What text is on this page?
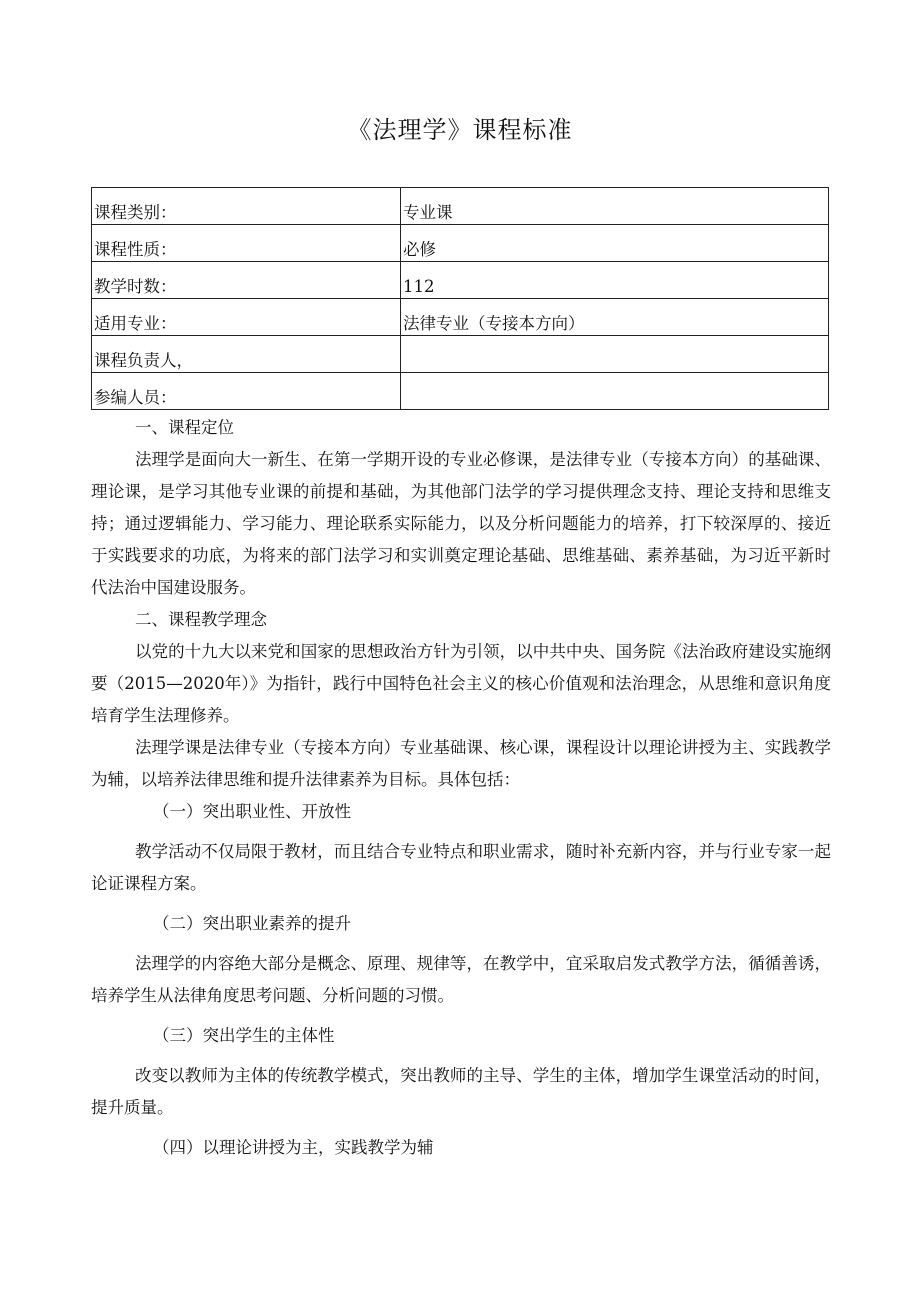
《法理学》课程标准
课程类别：	专业课
课程性质：	必修
教学时数：	112
适用专业：	法律专业（专接本方向）
课程负责人，	
参编人员：	

一、课程定位

法理学是面向大一新生、在第一学期开设的专业必修课，是法律专业（专接本方向）的基础课、理论课，是学习其他专业课的前提和基础，为其他部门法学的学习提供理念支持、理论支持和思维支持；通过逻辑能力、学习能力、理论联系实际能力，以及分析问题能力的培养，打下较深厚的、接近于实践要求的功底，为将来的部门法学习和实训奠定理论基础、思维基础、素养基础，为习近平新时代法治中国建设服务。

二、课程教学理念

以党的十九大以来党和国家的思想政治方针为引领，以中共中央、国务院《法治政府建设实施纲要（2015—2020年）》为指针，践行中国特色社会主义的核心价值观和法治理念，从思维和意识角度培育学生法理修养。

法理学课是法律专业（专接本方向）专业基础课、核心课，课程设计以理论讲授为主、实践教学为辅，以培养法律思维和提升法律素养为目标。具体包括：

（一）突出职业性、开放性

教学活动不仅局限于教材，而且结合专业特点和职业需求，随时补充新内容，并与行业专家一起论证课程方案。

（二）突出职业素养的提升

法理学的内容绝大部分是概念、原理、规律等，在教学中，宜采取启发式教学方法，循循善诱，培养学生从法律角度思考问题、分析问题的习惯。

（三）突出学生的主体性

改变以教师为主体的传统教学模式，突出教师的主导、学生的主体，增加学生课堂活动的时间，提升质量。

（四）以理论讲授为主，实践教学为辅
